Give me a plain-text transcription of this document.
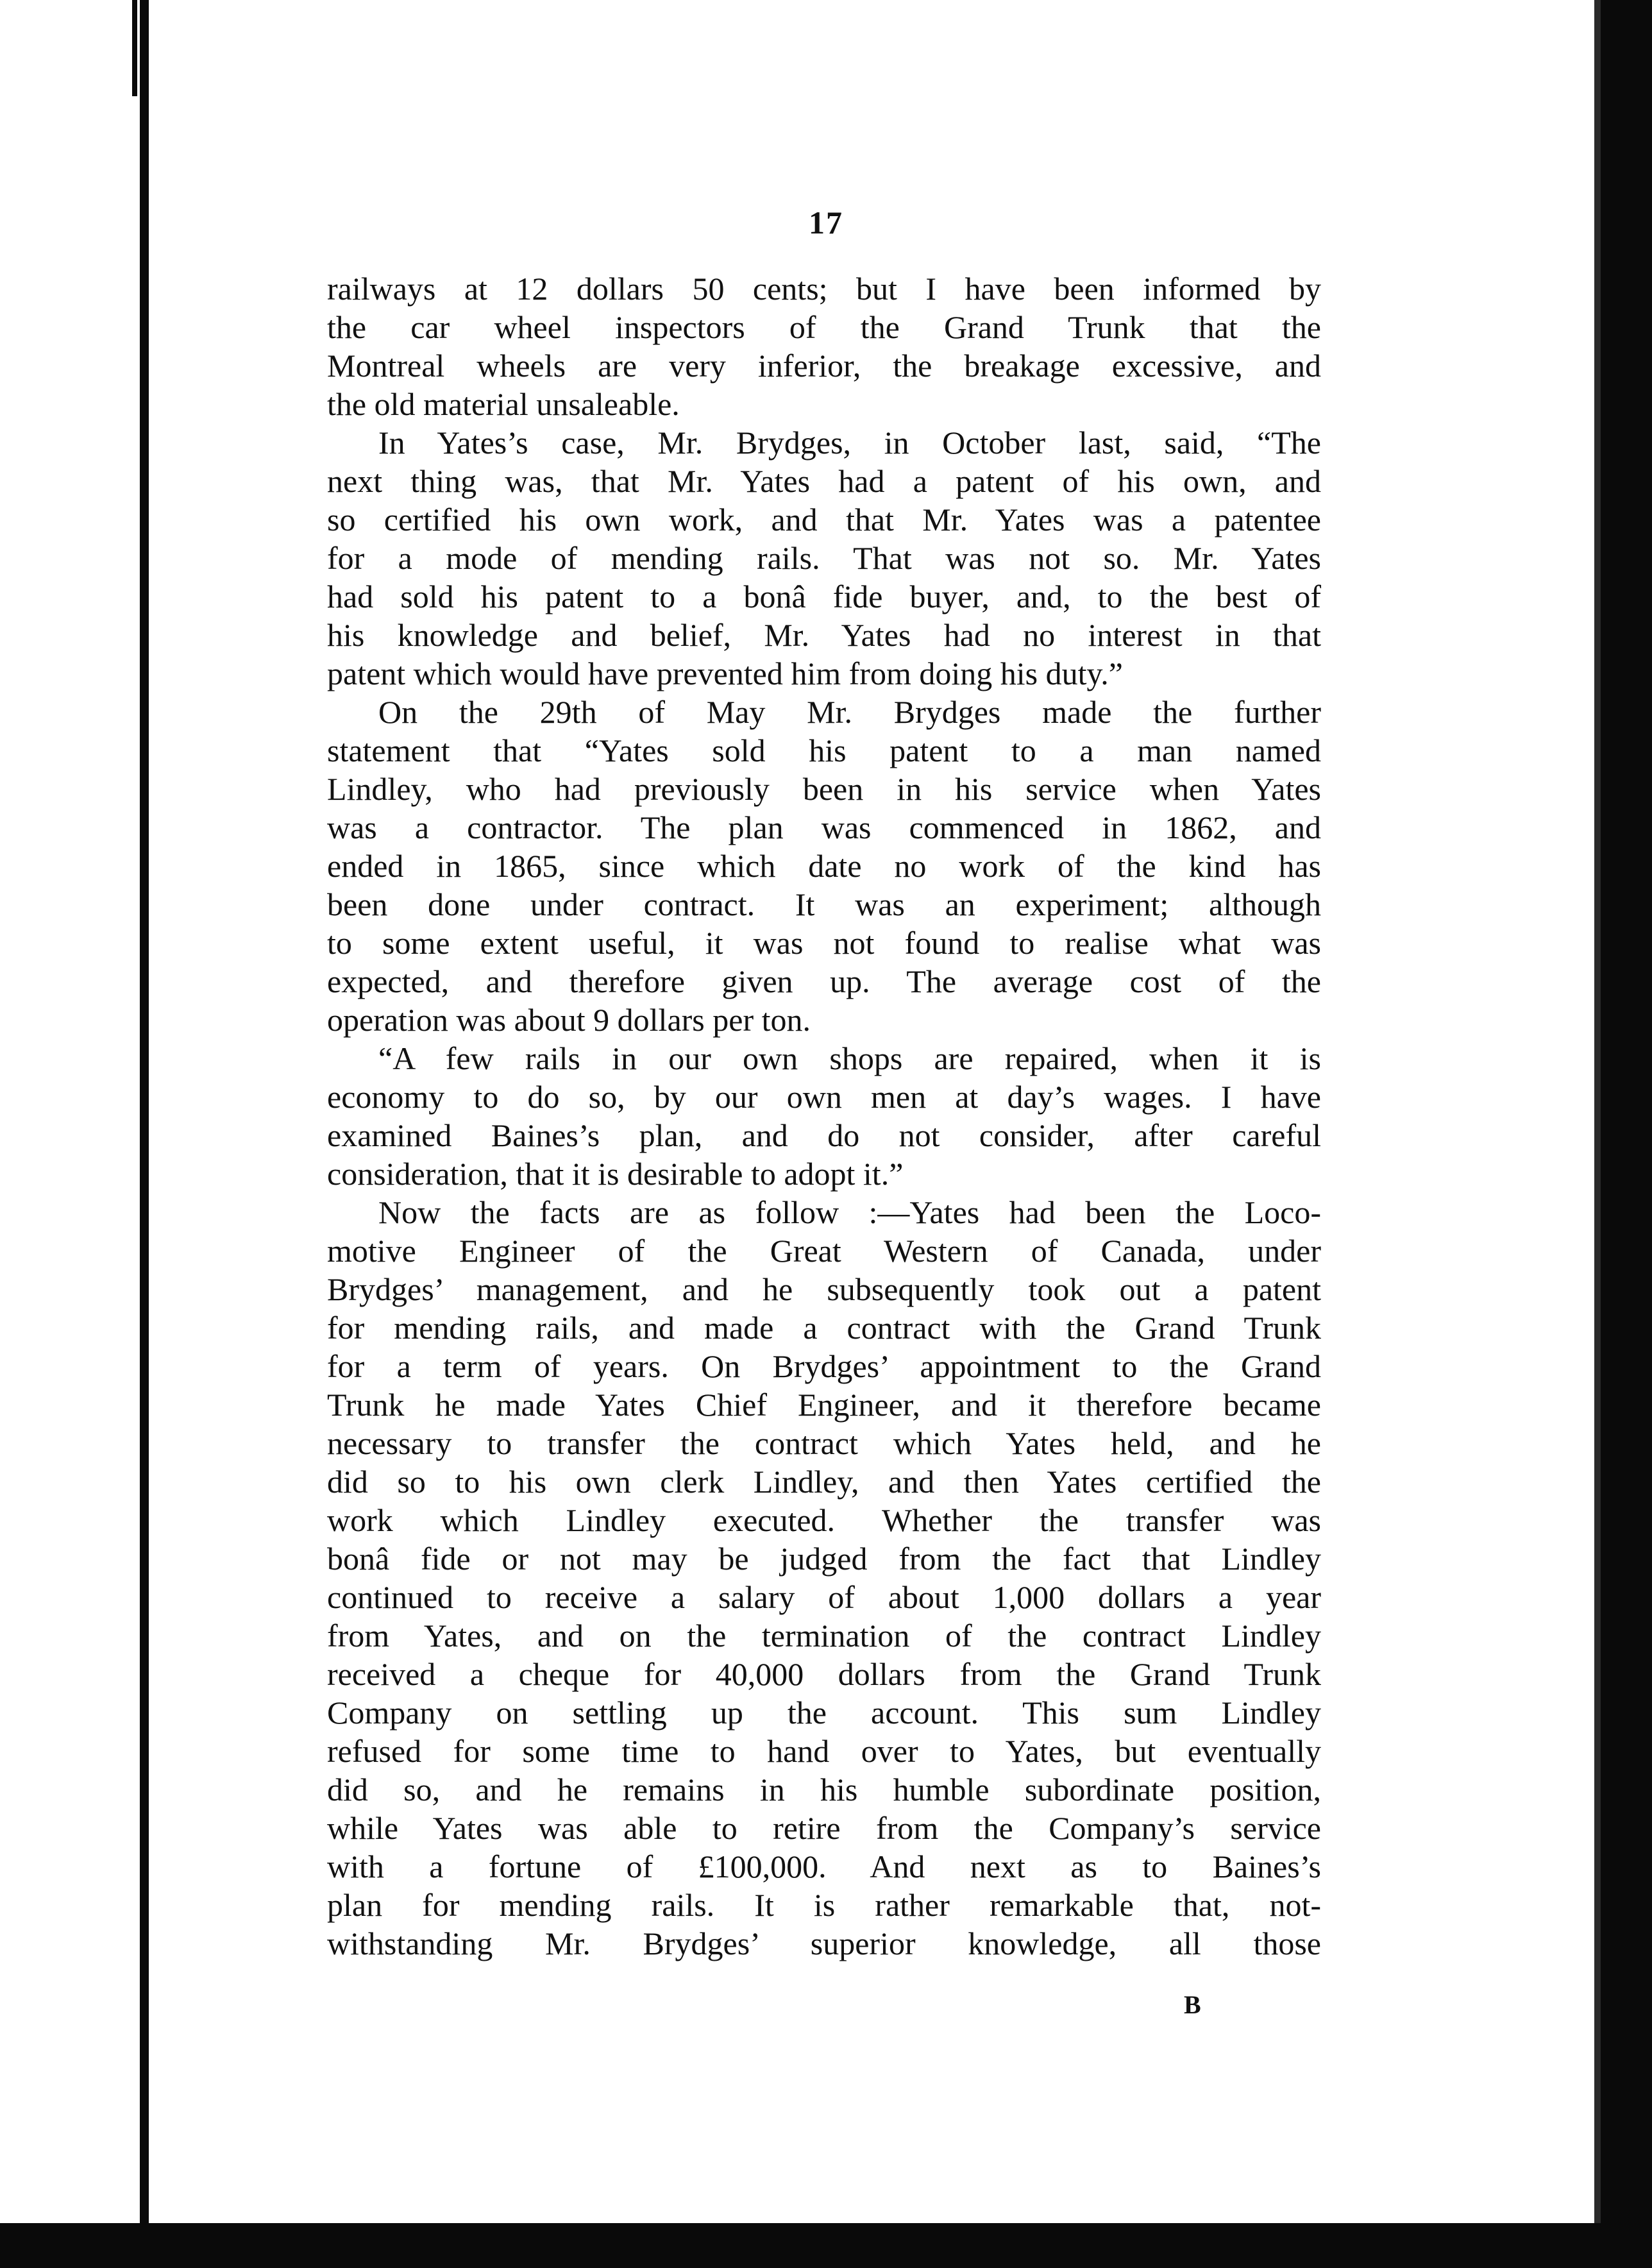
17
railways at 12 dollars 50 cents; but I have been informed by
the car wheel inspectors of the Grand Trunk that the
Montreal wheels are very inferior, the breakage excessive, and
the old material unsaleable.
In Yates’s case, Mr. Brydges, in October last, said, “The
next thing was, that Mr. Yates had a patent of his own, and
so certified his own work, and that Mr. Yates was a patentee
for a mode of mending rails. That was not so. Mr. Yates
had sold his patent to a bonâ fide buyer, and, to the best of
his knowledge and belief, Mr. Yates had no interest in that
patent which would have prevented him from doing his duty.”
On the 29th of May Mr. Brydges made the further
statement that “Yates sold his patent to a man named
Lindley, who had previously been in his service when Yates
was a contractor. The plan was commenced in 1862, and
ended in 1865, since which date no work of the kind has
been done under contract. It was an experiment; although
to some extent useful, it was not found to realise what was
expected, and therefore given up. The average cost of the
operation was about 9 dollars per ton.
“A few rails in our own shops are repaired, when it is
economy to do so, by our own men at day’s wages. I have
examined Baines’s plan, and do not consider, after careful
consideration, that it is desirable to adopt it.”
Now the facts are as follow :—Yates had been the Loco-
motive Engineer of the Great Western of Canada, under
Brydges’ management, and he subsequently took out a patent
for mending rails, and made a contract with the Grand Trunk
for a term of years. On Brydges’ appointment to the Grand
Trunk he made Yates Chief Engineer, and it therefore became
necessary to transfer the contract which Yates held, and he
did so to his own clerk Lindley, and then Yates certified the
work which Lindley executed. Whether the transfer was
bonâ fide or not may be judged from the fact that Lindley
continued to receive a salary of about 1,000 dollars a year
from Yates, and on the termination of the contract Lindley
received a cheque for 40,000 dollars from the Grand Trunk
Company on settling up the account. This sum Lindley
refused for some time to hand over to Yates, but eventually
did so, and he remains in his humble subordinate position,
while Yates was able to retire from the Company’s service
with a fortune of £100,000. And next as to Baines’s
plan for mending rails. It is rather remarkable that, not-
withstanding Mr. Brydges’ superior knowledge, all those
B
